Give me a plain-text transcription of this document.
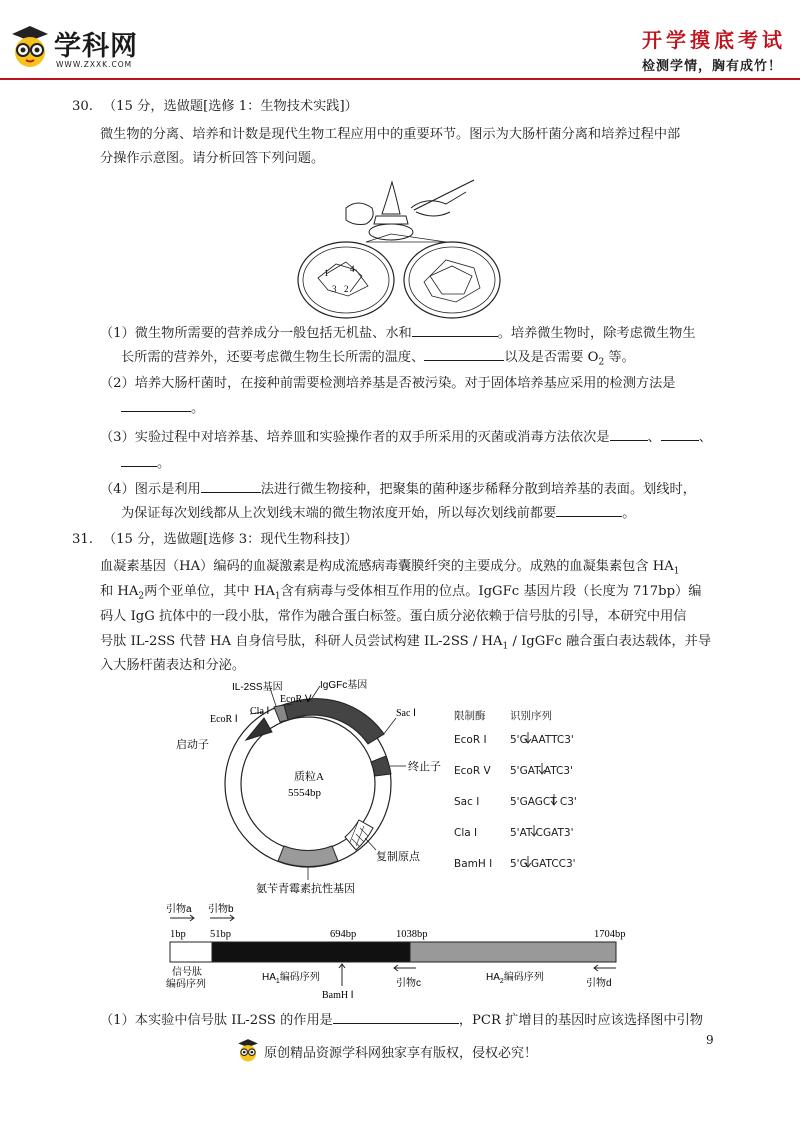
学科网
WWW.ZXXK.COM
开学摸底考试
检测学情，胸有成竹！
30. （15 分，选做题[选修 1：生物技术实践]）
微生物的分离、培养和计数是现代生物工程应用中的重要环节。图示为大肠杆菌分离和培养过程中部
分操作示意图。请分析回答下列问题。
1
2
3
4
（1）微生物所需要的营养成分一般包括无机盐、水和	。培养微生物时，除考虑微生物生
长所需的营养外，还要考虑微生物生长所需的温度、	以及是否需要 $O_2$ 等。
（2）培养大肠杆菌时，在接种前需要检测培养基是否被污染。对于固体培养基应采用的检测方法是
。
（3）实验过程中对培养基、培养皿和实验操作者的双手所采用的灭菌或消毒方法依次是	、	、
。
（4）图示是利用	法进行微生物接种，把聚集的菌种逐步稀释分散到培养基的表面。划线时，
为保证每次划线都从上次划线末端的微生物浓度开始，所以每次划线前都要	。
31. （15 分，选做题[选修 3：现代生物科技]）
血凝素基因（HA）编码的血凝激素是构成流感病毒囊膜纤突的主要成分。成熟的血凝集素包含 $HA_1$
和 $HA_2$两个亚单位，其中 $HA_1$含有病毒与受体相互作用的位点。IgGFc 基因片段（长度为 717bp）编
码人 IgG 抗体中的一段小肽，常作为融合蛋白标签。蛋白质分泌依赖于信号肽的引导，本研究中用信
号肽 IL-2SS 代替 HA 自身信号肽，科研人员尝试构建 $IL-2SS / HA_1$ / IgGFc 融合蛋白表达载体，并导
入大肠杆菌表达和分泌。
质粒A
5554bp
IL-2SS基因	IgGFc基因
EcoR Ⅴ
Cla Ⅰ
EcoR Ⅰ
启动子
Sac Ⅰ
终止子
复制原点
氨苄青霉素抗性基因
限制酶 识别序列
EcoR Ⅰ 5'G AATTC3'
EcoR Ⅴ 5'GAT ATC3'
Sac Ⅰ	5'GAGCT C3'
Cla Ⅰ	5'AT CGAT3'
BamH Ⅰ 5'G GATCC3'
引物a 引物b
1bp 51bp	694bp	1038bp	1704bp
信号肽
编码序列
$HA_1$编码序列
BamH Ⅰ
引物c
$HA_2$编码序列
引物d
（1）本实验中信号肽 IL-2SS 的作用是	，PCR 扩增目的基因时应该选择图中引物
原创精品资源学科网独家享有版权，侵权必究！
9
